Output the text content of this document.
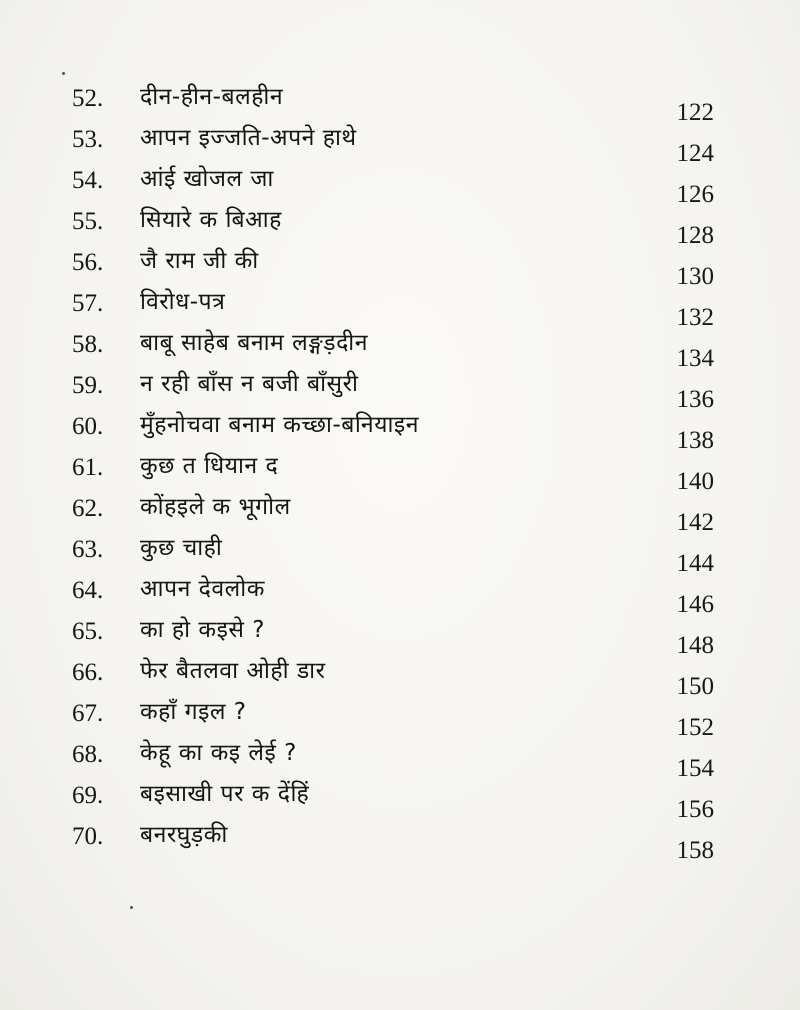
52. दीन-हीन-बलहीन
122
53. आपन इज्जति-अपने हाथे
124
54. आंई खोजल जा
126
55. सियारे क बिआह
128
56. जै राम जी की
130
57. विरोध-पत्र
132
58. बाबू साहेब बनाम लङ्गड़दीन
134
59. न रही बाँस न बजी बाँसुरी
136
60. मुँहनोचवा बनाम कच्छा-बनियाइन
138
61. कुछ त धियान द
140
62. कोंहइले क भूगोल
142
63. कुछ चाही
144
64. आपन देवलोक
146
65. का हो कइसे ?
148
66. फेर बैतलवा ओही डार
150
67. कहाँ गइल ?
152
68. केहू का कइ लेई ?
154
69. बइसाखी पर क देंहिं
156
70. बनरघुड़की
158
